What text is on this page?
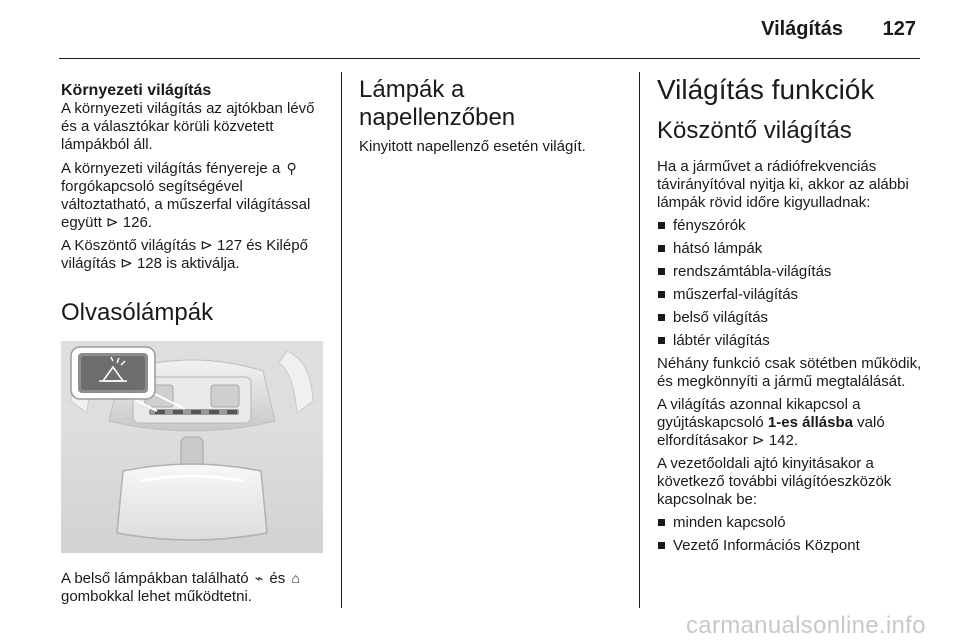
Világítás 127
Környezeti világítás

A környezeti világítás az ajtókban lévő és a választókar körüli közvetett lámpákból áll.

A környezeti világítás fényereje a ⚲ forgókapcsoló segítségével változtatható, a műszerfal világítással együtt ⊳ 126.

A Köszöntő világítás ⊳ 127 és Kilépő világítás ⊳ 128 is aktiválja.

Olvasólámpák

A belső lámpákban található ⌁ és ⌂ gombokkal lehet működtetni.

Lámpák a napellenzőben

Kinyitott napellenző esetén világít.

Világítás funkciók
Köszöntő világítás

Ha a járművet a rádiófrekvenciás távirányítóval nyitja ki, akkor az alábbi lámpák rövid időre kigyulladnak:

fényszórók
hátsó lámpák
rendszámtábla-világítás
műszerfal-világítás
belső világítás
lábtér világítás

Néhány funkció csak sötétben működik, és megkönnyíti a jármű megtalálását.

A világítás azonnal kikapcsol a gyújtáskapcsoló 1-es állásba való elfordításakor ⊳ 142.

A vezetőoldali ajtó kinyitásakor a következő további világítóeszközök kapcsolnak be:

minden kapcsoló
Vezető Információs Központ
carmanualsonline.info
